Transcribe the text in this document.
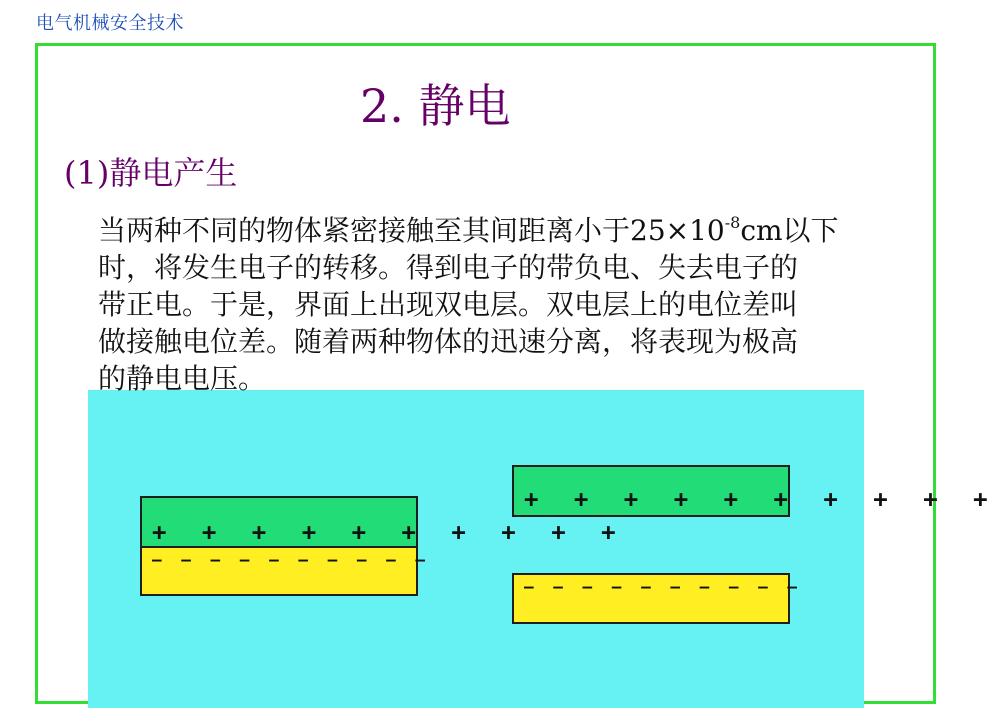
电气机械安全技术
2. 静电
(1)静电产生
+ + + + + + + + + +
— — — — — — — — — —
+ + + + + + + + + +
— — — — — — — — — —
当两种不同的物体紧密接触至其间距离小于$25\times 10^{-8}cm$以下
时，将发生电子的转移。得到电子的带负电、失去电子的
带正电。于是，界面上出现双电层。双电层上的电位差叫
做接触电位差。随着两种物体的迅速分离，将表现为极高
的静电电压。
